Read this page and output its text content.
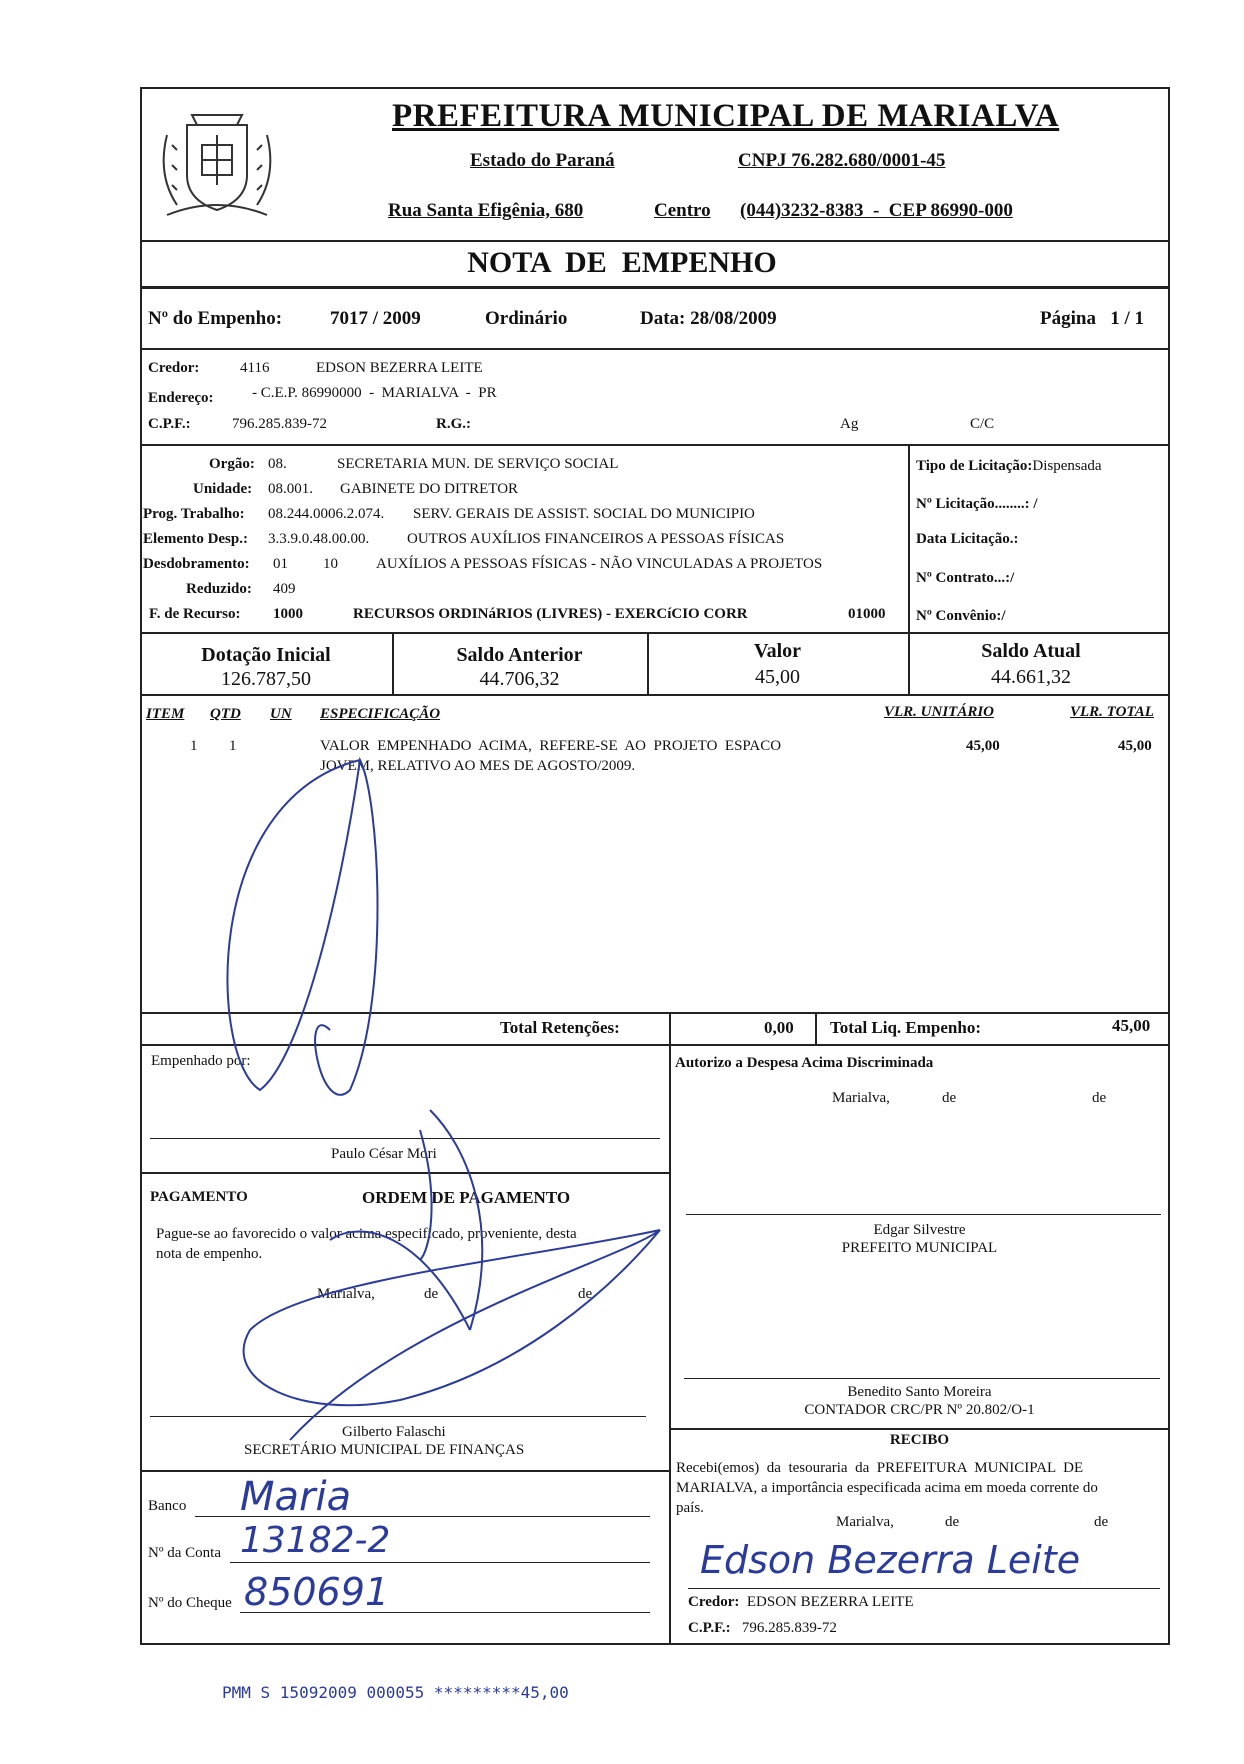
PREFEITURA MUNICIPAL DE MARIALVA
Estado do Paraná	CNPJ 76.282.680/0001-45
Rua Santa Efigênia, 680	Centro (044)3232-8383  -  CEP 86990-000
NOTA  DE  EMPENHO
Nº do Empenho:	7017 / 2009	Ordinário	Data: 28/08/2009	Página   1 / 1
Credor:	4116	EDSON BEZERRA LEITE
Endereço:	- C.E.P. 86990000  -  MARIALVA  -  PR
C.P.F.:	796.285.839-72	R.G.:	Ag	C/C
Orgão: 08.	SECRETARIA MUN. DE SERVIÇO SOCIAL
Unidade: 08.001. GABINETE DO DITRETOR
Prog. Trabalho: 08.244.0006.2.074. SERV. GERAIS DE ASSIST. SOCIAL DO MUNICIPIO
Elemento Desp.: 3.3.9.0.48.00.00.	OUTROS AUXÍLIOS FINANCEIROS A PESSOAS FÍSICAS
Desdobramento: 01 10	AUXÍLIOS A PESSOAS FÍSICAS - NÃO VINCULADAS A PROJETOS
Reduzido: 409
F. de Recurso: 1000	RECURSOS ORDINáRIOS (LIVRES) - EXERCíCIO CORR	01000
Tipo de Licitação:Dispensada
Nº Licitação........: /
Data Licitação.:
Nº Contrato...:/
Nº Convênio:/
Dotação Inicial
126.787,50
Saldo Anterior
44.706,32
Valor
45,00
Saldo Atual
44.661,32
ITEM QTD UN ESPECIFICAÇÃO	VLR. UNITÁRIO	VLR. TOTAL
1 1	VALOR  EMPENHADO  ACIMA,  REFERE-SE  AO  PROJETO  ESPACO
JOVEM, RELATIVO AO MES DE AGOSTO/2009.
45,00	45,00
Total Retenções:	0,00 Total Liq. Empenho:	45,00
Empenhado por:
Paulo César Mori
PAGAMENTO	ORDEM DE PAGAMENTO
Pague-se ao favorecido o valor acima especificado, proveniente, desta
nota de empenho.
Marialva,	de	de
Gilberto Falaschi
SECRETÁRIO MUNICIPAL DE FINANÇAS
Banco Maria
Nº da Conta 13182-2
Nº do Cheque 850691
Autorizo a Despesa Acima Discriminada
Marialva,	de	de
Edgar Silvestre
PREFEITO MUNICIPAL
Benedito Santo Moreira
CONTADOR CRC/PR Nº 20.802/O-1
RECIBO
Recebi(emos)  da  tesouraria  da  PREFEITURA  MUNICIPAL  DE
MARIALVA, a importância especificada acima em moeda corrente do
país.
Marialva,	de	de
Edson Bezerra Leite
Credor: EDSON BEZERRA LEITE
C.P.F.: 796.285.839-72
PMM S 15092009 000055 *********45,00
